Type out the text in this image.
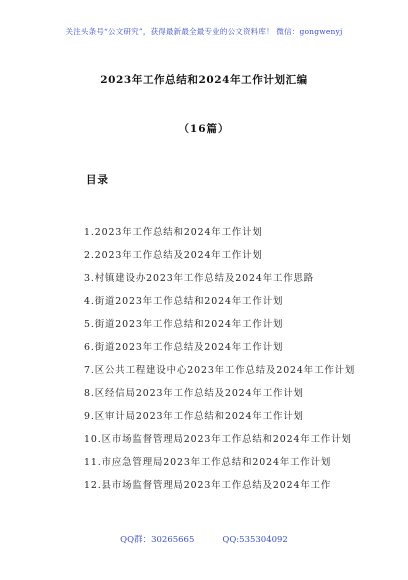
关注头条号“公文研究”，获得最新最全最专业的公文资料库！ 微信：gongwenyj
2023年工作总结和2024年工作计划汇编
（16篇）
目录
1.2023年工作总结和2024年工作计划
2.2023年工作总结及2024年工作计划
3.村镇建设办2023年工作总结及2024年工作思路
4.街道2023年工作总结和2024年工作计划
5.街道2023年工作总结和2024年工作计划
6.街道2023年工作总结及2024年工作计划
7.区公共工程建设中心2023年工作总结及2024年工作计划
8.区经信局2023年工作总结及2024年工作计划
9.区审计局2023年工作总结和2024年工作计划
10.区市场监督管理局2023年工作总结和2024年工作计划
11.市应急管理局2023年工作总结和2024年工作计划
12.县市场监督管理局2023年工作总结及2024年工作
QQ群：30265665	QQ:535304092
